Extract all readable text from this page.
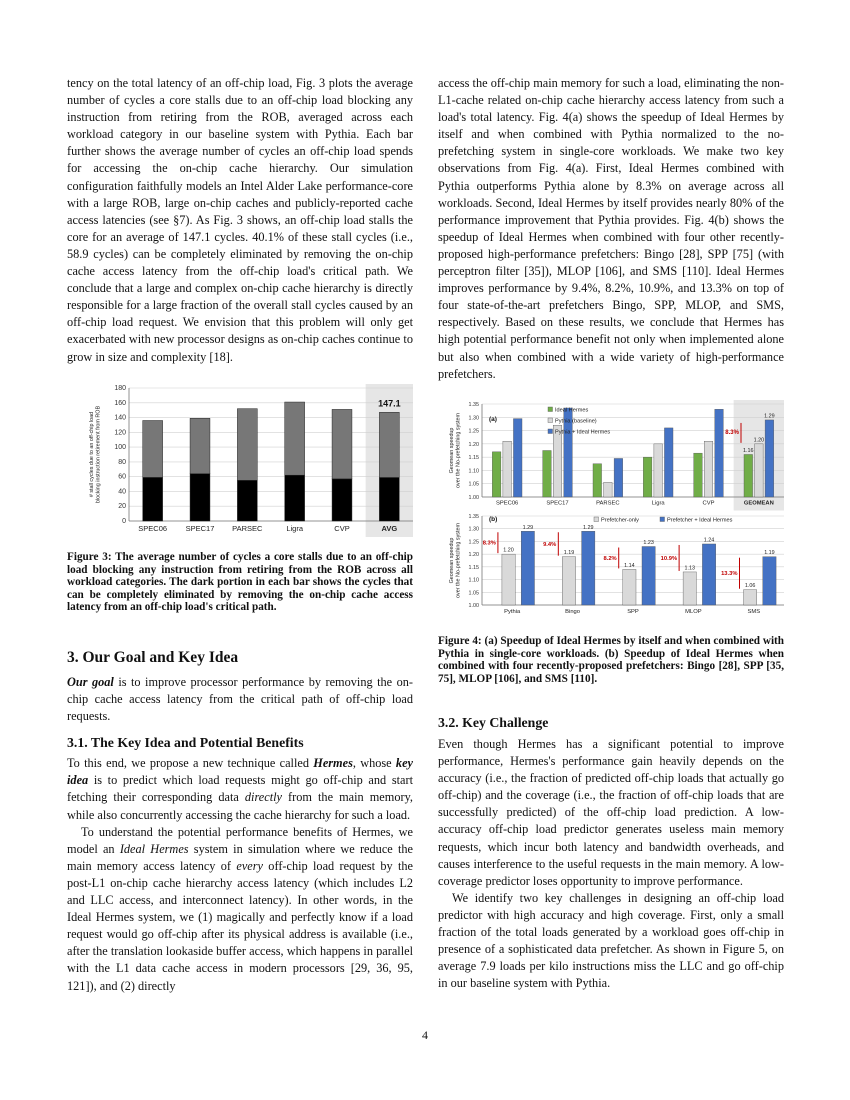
tency on the total latency of an off-chip load, Fig. 3 plots the average number of cycles a core stalls due to an off-chip load blocking any instruction from retiring from the ROB, averaged across each workload category in our baseline system with Pythia. Each bar further shows the average number of cycles an off-chip load spends for accessing the on-chip cache hierarchy. Our simulation configuration faithfully models an Intel Alder Lake performance-core with a large ROB, large on-chip caches and publicly-reported cache access latencies (see §7). As Fig. 3 shows, an off-chip load stalls the core for an average of 147.1 cycles. 40.1% of these stall cycles (i.e., 58.9 cycles) can be completely eliminated by removing the on-chip cache access latency from the off-chip load's critical path. We conclude that a large and complex on-chip cache hierarchy is directly responsible for a large fraction of the overall stall cycles caused by an off-chip load request. We envision that this problem will only get exacerbated with new processor designs as on-chip caches continue to grow in size and complexity [18].

0
20
40
60
80
100
120
140
160
180
# stall cycles due to an off-chip load blocking instruction retirement from ROB
SPEC06 SPEC17 PARSEC	Ligra	CVP	AVG
147.1
Figure 3: The average number of cycles a core stalls due to an off-chip load blocking any instruction from retiring from the ROB across all workload categories. The dark portion in each bar shows the cycles that can be completely eliminated by removing the on-chip cache access latency from an off-chip load's critical path.
3. Our Goal and Key Idea

Our goal is to improve processor performance by removing the on-chip cache access latency from the critical path of off-chip load requests.

3.1. The Key Idea and Potential Benefits

To this end, we propose a new technique called Hermes, whose key idea is to predict which load requests might go off-chip and start fetching their corresponding data directly from the main memory, while also concurrently accessing the cache hierarchy for such a load.

To understand the potential performance benefits of Hermes, we model an Ideal Hermes system in simulation where we reduce the main memory access latency of every off-chip load request by the post-L1 on-chip cache hierarchy access latency (which includes L2 and LLC access, and interconnect latency). In other words, in the Ideal Hermes system, we (1) magically and perfectly know if a load request would go off-chip after its physical address is available (i.e., after the translation lookaside buffer access, which happens in parallel with the L1 data cache access in modern processors [29, 36, 95, 121]), and (2) directly

access the off-chip main memory for such a load, eliminating the non-L1-cache related on-chip cache hierarchy access latency from such a load's total latency. Fig. 4(a) shows the speedup of Ideal Hermes by itself and when combined with Pythia normalized to the no-prefetching system in single-core workloads. We make two key observations from Fig. 4(a). First, Ideal Hermes combined with Pythia outperforms Pythia alone by 8.3% on average across all workloads. Second, Ideal Hermes by itself provides nearly 80% of the performance improvement that Pythia provides. Fig. 4(b) shows the speedup of Ideal Hermes when combined with four other recently-proposed high-performance prefetchers: Bingo [28], SPP [75] (with perceptron filter [35]), MLOP [106], and SMS [110]. Ideal Hermes improves performance by 9.4%, 8.2%, 10.9%, and 13.3% on top of four state-of-the-art prefetchers Bingo, SPP, MLOP, and SMS, respectively. Based on these results, we conclude that Hermes has high potential performance benefit not only when implemented alone but also when combined with a wide variety of high-performance prefetchers.

1.00
1.05
1.10
1.15
1.20
1.25
1.30
1.35
Geomean speedup over the No-prefetching system
SPEC06	SPEC17	PARSEC	Ligra	CVP	GEOMEAN
1.16
1.20
1.29
8.3%
(a)
Ideal Hermes
Pythia (baseline)
Pythia + Ideal Hermes
1.00
1.05
1.10
1.15
1.20
1.25
1.30
1.35
Geomean speedup over the No-prefetching system
Pythia	Bingo	SPP	MLOP	SMS
1.20
1.29
8.3%
1.19
1.29
9.4%
1.14
1.23
8.2%
1.13
1.24
10.9%
1.06
1.19
13.3%
(b)	Prefetcher-only	Prefetcher + Ideal Hermes
Figure 4: (a) Speedup of Ideal Hermes by itself and when combined with Pythia in single-core workloads. (b) Speedup of Ideal Hermes when combined with four recently-proposed prefetchers: Bingo [28], SPP [35, 75], MLOP [106], and SMS [110].
3.2. Key Challenge

Even though Hermes has a significant potential to improve performance, Hermes's performance gain heavily depends on the accuracy (i.e., the fraction of predicted off-chip loads that actually go off-chip) and the coverage (i.e., the fraction of off-chip loads that are successfully predicted) of the off-chip load prediction. A low-accuracy off-chip load predictor generates useless main memory requests, which incur both latency and bandwidth overheads, and causes interference to the useful requests in the main memory. A low-coverage predictor loses opportunity to improve performance.

We identify two key challenges in designing an off-chip load predictor with high accuracy and high coverage. First, only a small fraction of the total loads generated by a workload goes off-chip in presence of a sophisticated data prefetcher. As shown in Figure 5, on average 7.9 loads per kilo instructions miss the LLC and go off-chip in our baseline system with Pythia.

4
